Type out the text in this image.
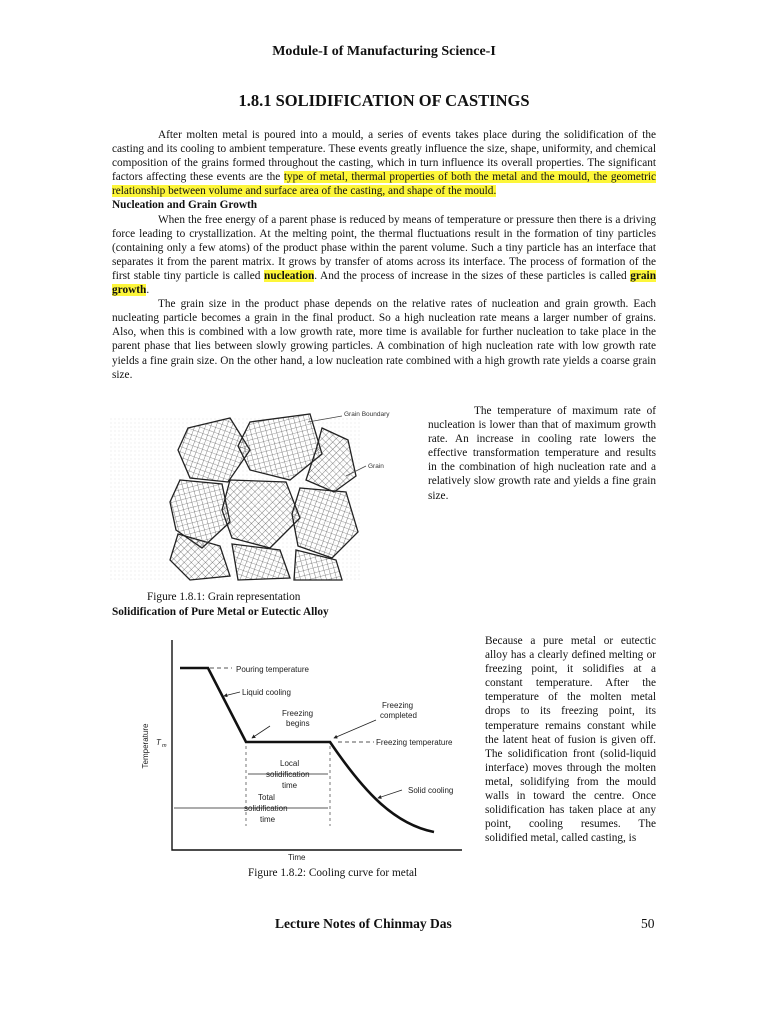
Module-I of Manufacturing Science-I
1.8.1 SOLIDIFICATION OF CASTINGS

After molten metal is poured into a mould, a series of events takes place during the solidification of the casting and its cooling to ambient temperature. These events greatly influence the size, shape, uniformity, and chemical composition of the grains formed throughout the casting, which in turn influence its overall properties. The significant factors affecting these events are the type of metal, thermal properties of both the metal and the mould, the geometric relationship between volume and surface area of the casting, and shape of the mould.

Nucleation and Grain Growth

When the free energy of a parent phase is reduced by means of temperature or pressure then there is a driving force leading to crystallization. At the melting point, the thermal fluctuations result in the formation of tiny particles (containing only a few atoms) of the product phase within the parent volume. Such a tiny particle has an interface that separates it from the parent matrix. It grows by transfer of atoms across its interface. The process of formation of the first stable tiny particle is called nucleation. And the process of increase in the sizes of these particles is called grain growth.

The grain size in the product phase depends on the relative rates of nucleation and grain growth. Each nucleating particle becomes a grain in the final product. So a high nucleation rate means a larger number of grains. Also, when this is combined with a low growth rate, more time is available for further nucleation to take place in the parent phase that lies between slowly growing particles. A combination of high nucleation rate with low growth rate yields a fine grain size. On the other hand, a low nucleation rate combined with a high growth rate yields a coarse grain size.

Grain Boundary
Grain

The temperature of maximum rate of nucleation is lower than that of maximum growth rate. An increase in cooling rate lowers the effective transformation temperature and results in the combination of high nucleation rate and a relatively slow growth rate and yields a fine grain size.

Figure 1.8.1: Grain representation
Solidification of Pure Metal or Eutectic Alloy
Pouring temperature
Liquid cooling
Freezing
begins
Freezing
completed
Freezing temperature
Local
solidification
time
Total
solidification
time
Solid cooling
Time
Temperature T m
Figure 1.8.2: Cooling curve for metal

Because a pure metal or eutectic alloy has a clearly defined melting or freezing point, it solidifies at a constant temperature. After the temperature of the molten metal drops to its freezing point, its temperature remains constant while the latent heat of fusion is given off. The solidification front (solid-liquid interface) moves through the molten metal, solidifying from the mould walls in toward the centre. Once solidification has taken place at any point, cooling resumes. The solidified metal, called casting, is

Lecture Notes of Chinmay Das	50
